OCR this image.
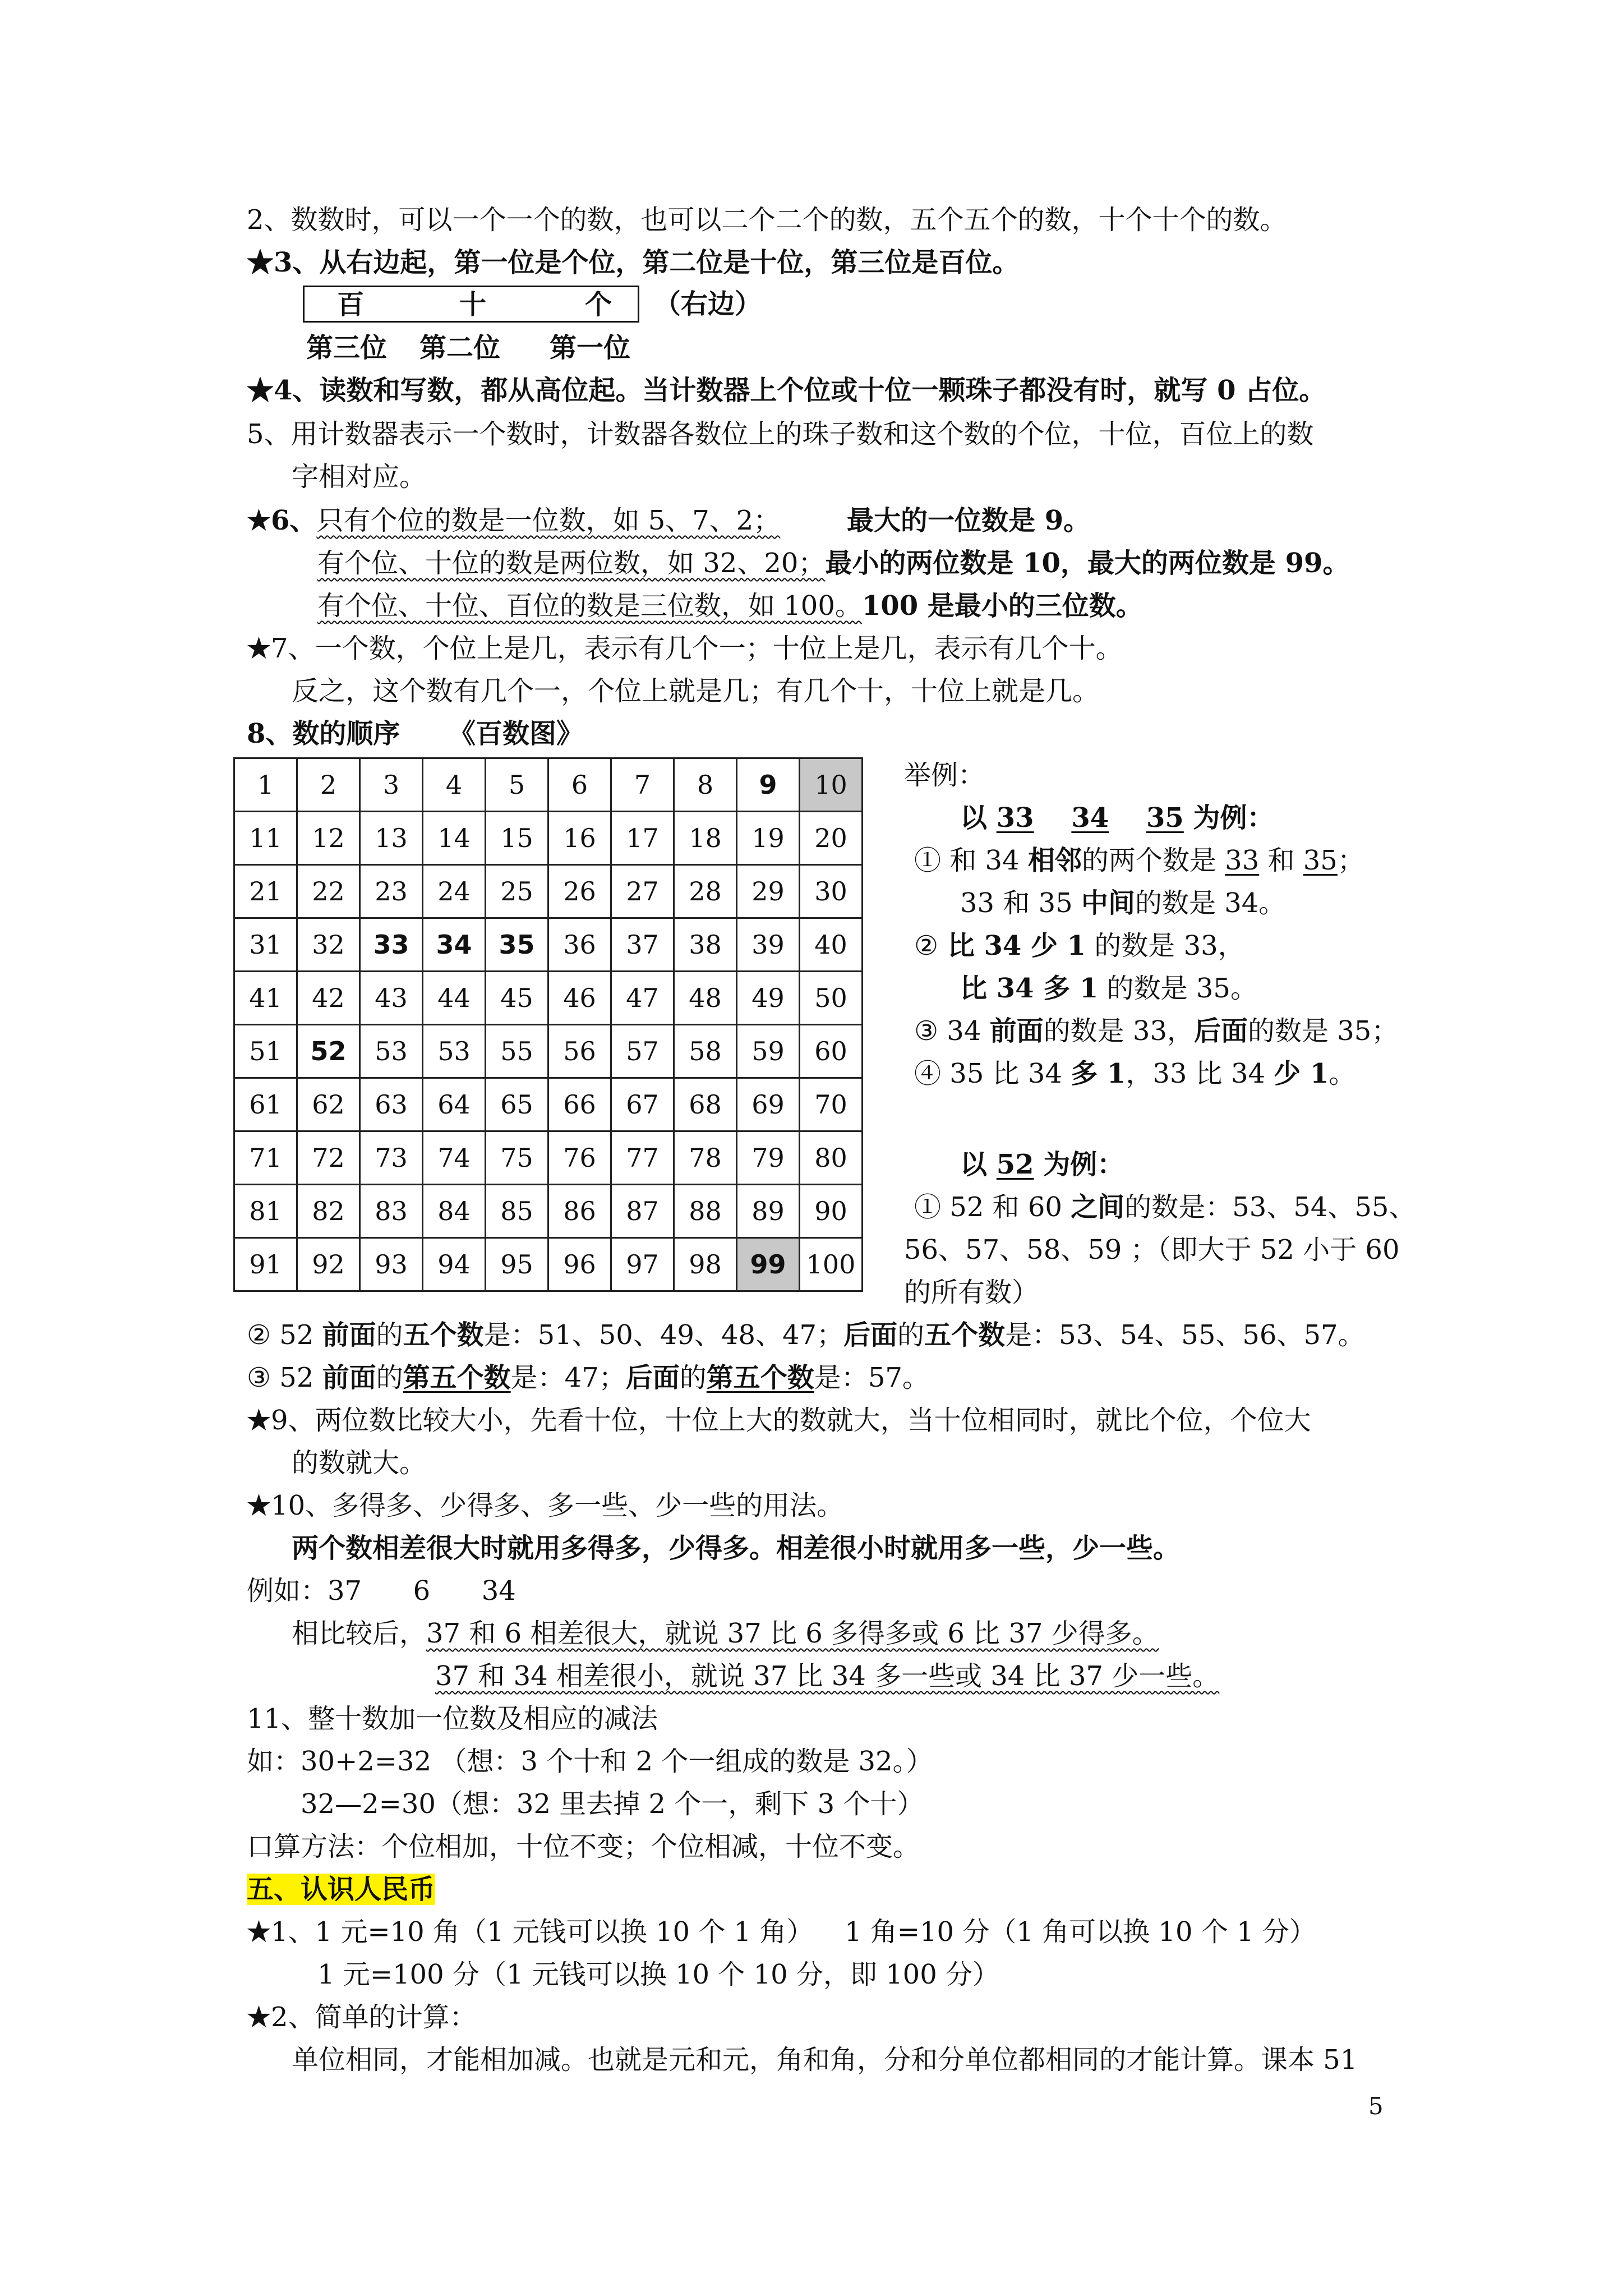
2、数数时，可以一个一个的数，也可以二个二个的数，五个五个的数，十个十个的数。
★3、从右边起，第一位是个位，第二位是十位，第三位是百位。
百	十	个 （右边）
第三位 第二位 第一位
★4、读数和写数，都从高位起。当计数器上个位或十位一颗珠子都没有时，就写 0 占位。
5、用计数器表示一个数时，计数器各数位上的珠子数和这个数的个位，十位，百位上的数
字相对应。
★6、只有个位的数是一位数，如 5、7、2； 最大的一位数是 9。
有个位、十位的数是两位数，如 32、20；最小的两位数是 10，最大的两位数是 99。
有个位、十位、百位的数是三位数，如 100。100 是最小的三位数。
★7、一个数，个位上是几，表示有几个一；十位上是几，表示有几个十。
反之，这个数有几个一，个位上就是几；有几个十，十位上就是几。
8、数的顺序 《百数图》
1	2	3	4	5	6	7	8	9	10
11	12	13	14	15	16	17	18	19	20
21	22	23	24	25	26	27	28	29	30
31	32	33	34	35	36	37	38	39	40
41	42	43	44	45	46	47	48	49	50
51	52	53	53	55	56	57	58	59	60
61	62	63	64	65	66	67	68	69	70
71	72	73	74	75	76	77	78	79	80
81	82	83	84	85	86	87	88	89	90
91	92	93	94	95	96	97	98	99	100
举例：
以 33 34 35 为例：
① 和 34 相邻的两个数是 33 和 35；
33 和 35 中间的数是 34。
② 比 34 少 1 的数是 33，
比 34 多 1 的数是 35。
③ 34 前面的数是 33，后面的数是 35；
④ 35 比 34 多 1，33 比 34 少 1。
以 52 为例：
① 52 和 60 之间的数是：53、54、55、
56、57、58、59 ；（即大于 52 小于 60
的所有数）
② 52 前面的五个数是：51、50、49、48、47；后面的五个数是：53、54、55、56、57。
③ 52 前面的第五个数是：47；后面的第五个数是：57。
★9、两位数比较大小，先看十位，十位上大的数就大，当十位相同时，就比个位，个位大
的数就大。
★10、多得多、少得多、多一些、少一些的用法。
两个数相差很大时就用多得多，少得多。相差很小时就用多一些，少一些。
例如：37      6      34
相比较后，37 和 6 相差很大，就说 37 比 6 多得多或 6 比 37 少得多。
37 和 34 相差很小，就说 37 比 34 多一些或 34 比 37 少一些。
11、整十数加一位数及相应的减法
如：30+2=32 （想：3 个十和 2 个一组成的数是 32。）
32—2=30（想：32 里去掉 2 个一，剩下 3 个十）
口算方法：个位相加，十位不变；个位相减，十位不变。
五、认识人民币
★1、1 元=10 角（1 元钱可以换 10 个 1 角） 1 角=10 分（1 角可以换 10 个 1 分）
1 元=100 分（1 元钱可以换 10 个 10 分，即 100 分）
★2、简单的计算：
单位相同，才能相加减。也就是元和元，角和角，分和分单位都相同的才能计算。课本 51
5
